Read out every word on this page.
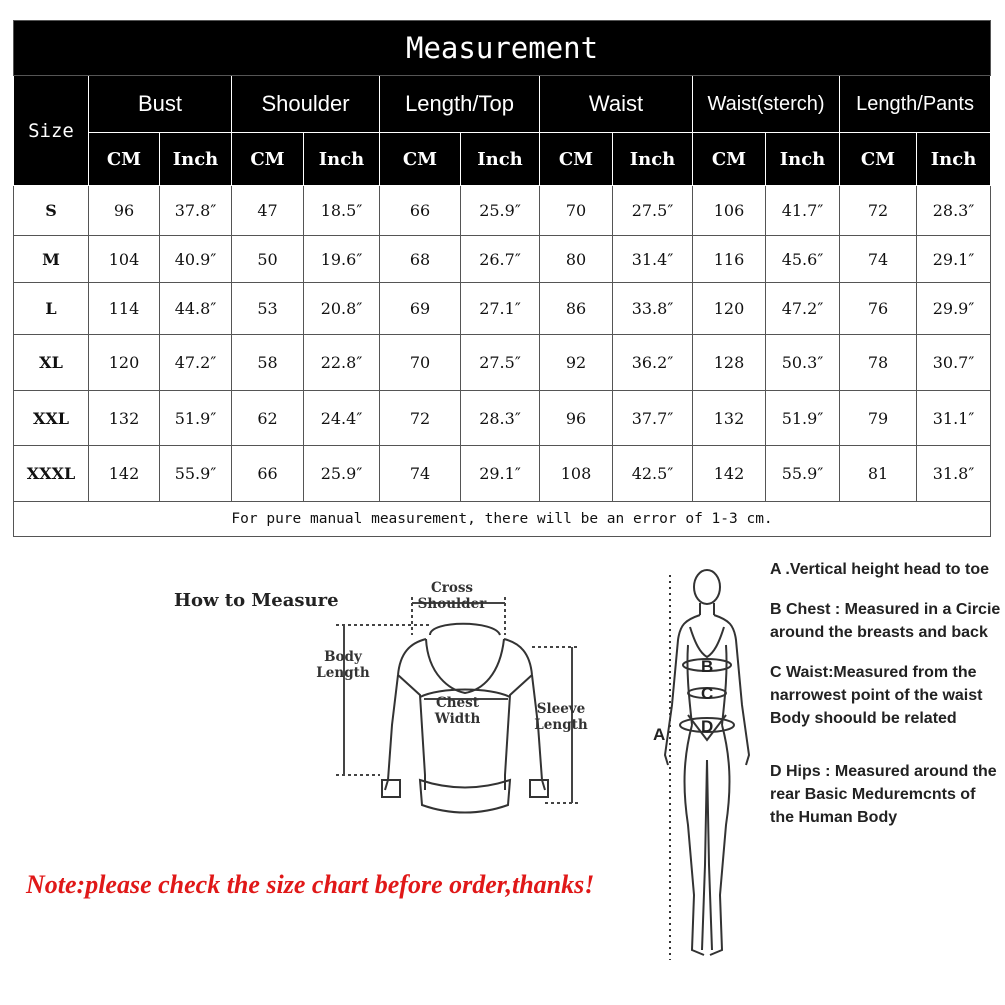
Measurement												
Size	Bust		Shoulder		Length/Top		Waist		Waist(sterch)		Length/Pants	
	CM	Inch	CM	Inch	CM	Inch	CM	Inch	CM	Inch	CM	Inch
S	96	37.8″	47	18.5″	66	25.9″	70	27.5″	106	41.7″	72	28.3″
M	104	40.9″	50	19.6″	68	26.7″	80	31.4″	116	45.6″	74	29.1″
L	114	44.8″	53	20.8″	69	27.1″	86	33.8″	120	47.2″	76	29.9″
XL	120	47.2″	58	22.8″	70	27.5″	92	36.2″	128	50.3″	78	30.7″
XXL	132	51.9″	62	24.4″	72	28.3″	96	37.7″	132	51.9″	79	31.1″
XXXL	142	55.9″	66	25.9″	74	29.1″	108	42.5″	142	55.9″	81	31.8″
For pure manual measurement, there will be an error of 1-3 cm.												
How to Measure
Cross
Shoulder
Body
Length
Chest
Width
Sleeve
Length
Note:please check the size chart before order,thanks!
B
C
D
A

A .Vertical height head to toe

B Chest : Measured in a Circie around the breasts and back

C Waist:Measured from the narrowest point of the waist Body shoould be related

D Hips : Measured around the rear Basic Meduremcnts of the Human Body
